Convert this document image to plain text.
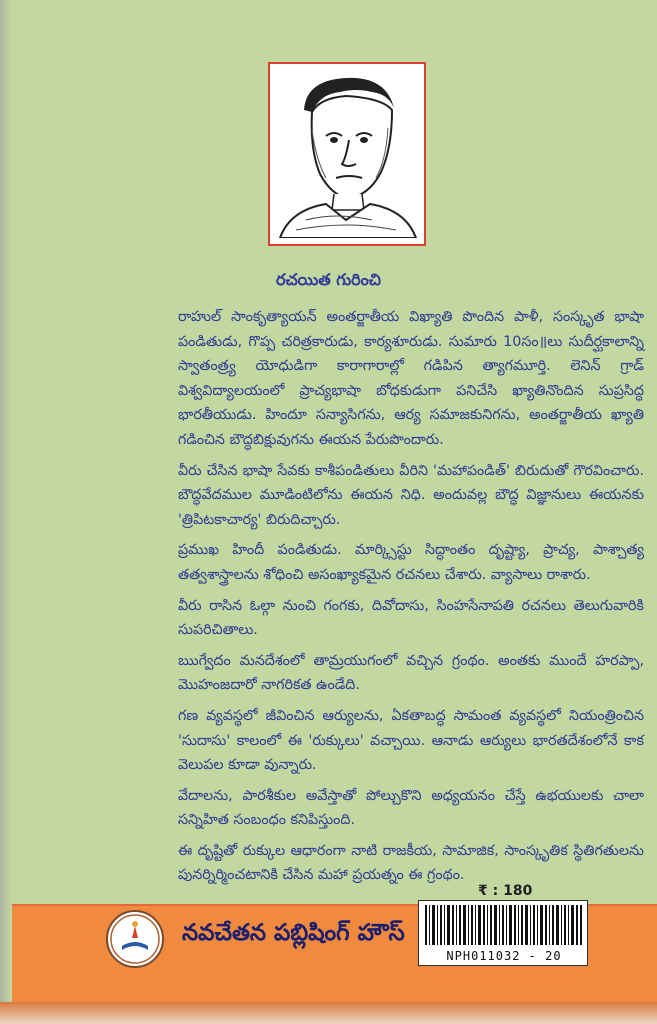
రచయిత గురించి

రాహుల్ సాంకృత్యాయన్ అంతర్జాతీయ విఖ్యాతి పొందిన పాళీ, సంస్కృత భాషా పండితుడు, గొప్ప చరిత్రకారుడు, కార్యశూరుడు. సుమారు 10సం॥లు సుదీర్ఘకాలాన్ని స్వాతంత్ర్య యోధుడిగా కారాగారాల్లో గడిపిన త్యాగమూర్తి. లెనిన్ గ్రాడ్ విశ్వవిద్యాలయంలో ప్రాచ్యభాషా బోధకుడుగా పనిచేసి ఖ్యాతినొందిన సుప్రసిద్ధ భారతీయుడు. హిందూ సన్యాసిగను, ఆర్య సమాజకునిగను, అంతర్జాతీయ ఖ్యాతి గడించిన బౌద్ధబిక్షువుగను ఈయన పేరుపొందారు.

వీరు చేసిన భాషా సేవకు కాశీపండితులు వీరిని 'మహాపండిత్' బిరుదుతో గౌరవించారు. బౌద్ధవేదముల మూడింటిలోను ఈయన నిధి. అందువల్ల బౌద్ధ విజ్ఞానులు ఈయనకు 'త్రిపిటకాచార్య' బిరుదిచ్చారు.

ప్రముఖ హిందీ పండితుడు. మార్క్సిస్టు సిద్ధాంతం దృష్ట్యా, ప్రాచ్య, పాశ్చాత్య తత్వశాస్త్రాలను శోధించి అసంఖ్యాకమైన రచనలు చేశారు. వ్యాసాలు రాశారు.

వీరు రాసిన ఓల్గా నుంచి గంగకు, దివోదాసు, సింహసేనాపతి రచనలు తెలుగువారికి సుపరిచితాలు.

ఋగ్వేదం మనదేశంలో తామ్రయుగంలో వచ్చిన గ్రంథం. అంతకు ముందే హరప్పా, మొహంజదారో నాగరికత ఉండేది.

గణ వ్యవస్థలో జీవించిన ఆర్యులను, ఏకతాబద్ధ సామంత వ్యవస్థలో నియంత్రించిన 'సుదాసు' కాలంలో ఈ 'రుక్కులు' వచ్చాయి. ఆనాడు ఆర్యులు భారతదేశంలోనే కాక వెలుపల కూడా వున్నారు.

వేదాలను, పారశీకుల అవేస్తాతో పోల్చుకొని అధ్యయనం చేస్తే ఉభయులకు చాలా సన్నిహిత సంబంధం కనిపిస్తుంది.

ఈ దృష్టితో రుక్కుల ఆధారంగా నాటి రాజకీయ, సామాజిక, సాంస్కృతిక స్థితిగతులను పునర్నిర్మించటానికి చేసిన మహా ప్రయత్నం ఈ గ్రంథం.

₹ : 180
నవచేతన పబ్లిషింగ్ హౌస్
NPH011032 - 20
